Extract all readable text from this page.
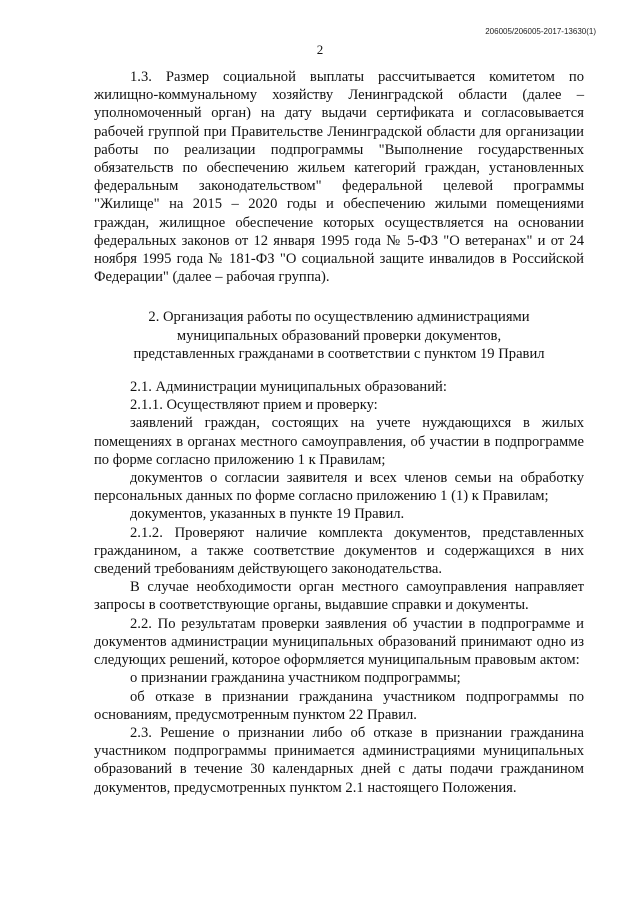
206005/206005-2017-13630(1)
2

1.3. Размер социальной выплаты рассчитывается комитетом по жилищно-коммунальному хозяйству Ленинградской области (далее – уполномоченный орган) на дату выдачи сертификата и согласовывается рабочей группой при Правительстве Ленинградской области для организации работы по реализации подпрограммы "Выполнение государственных обязательств по обеспечению жильем категорий граждан, установленных федеральным законодательством" федеральной целевой программы "Жилище" на 2015 – 2020 годы и обеспечению жилыми помещениями граждан, жилищное обеспечение которых осуществляется на основании федеральных законов от 12 января 1995 года № 5-ФЗ "О ветеранах" и от 24 ноября 1995 года № 181-ФЗ "О социальной защите инвалидов в Российской Федерации" (далее – рабочая группа).

2. Организация работы по осуществлению администрациями
муниципальных образований проверки документов,
представленных гражданами в соответствии с пунктом 19 Правил

2.1. Администрации муниципальных образований:

2.1.1. Осуществляют прием и проверку:

заявлений граждан, состоящих на учете нуждающихся в жилых помещениях в органах местного самоуправления, об участии в подпрограмме по форме согласно приложению 1 к Правилам;

документов о согласии заявителя и всех членов семьи на обработку персональных данных по форме согласно приложению 1 (1) к Правилам;

документов, указанных в пункте 19 Правил.

2.1.2. Проверяют наличие комплекта документов, представленных гражданином, а также соответствие документов и содержащихся в них сведений требованиям действующего законодательства.

В случае необходимости орган местного самоуправления направляет запросы в соответствующие органы, выдавшие справки и документы.

2.2. По результатам проверки заявления об участии в подпрограмме и документов администрации муниципальных образований принимают одно из следующих решений, которое оформляется муниципальным правовым актом:

о признании гражданина участником подпрограммы;

об отказе в признании гражданина участником подпрограммы по основаниям, предусмотренным пунктом 22 Правил.

2.3. Решение о признании либо об отказе в признании гражданина участником подпрограммы принимается администрациями муниципальных образований в течение 30 календарных дней с даты подачи гражданином документов, предусмотренных пунктом 2.1 настоящего Положения.
